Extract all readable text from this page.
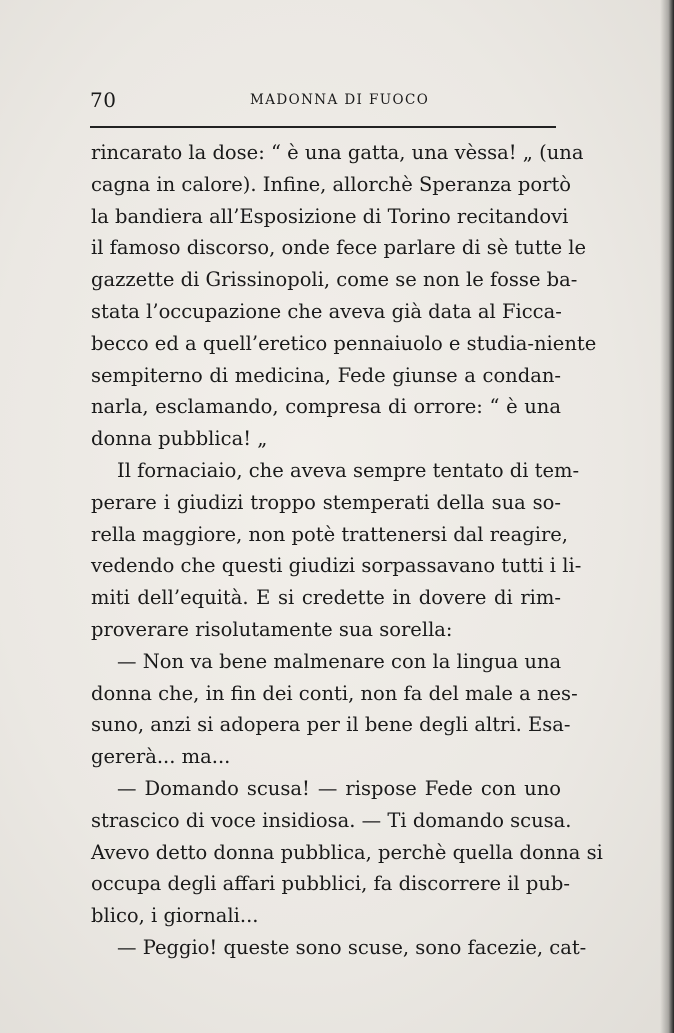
70	MADONNA DI FUOCO
rincarato la dose: “ è una gatta, una vèssa! „ (una
cagna in calore). Infine, allorchè Speranza portò
la bandiera all’Esposizione di Torino recitandovi
il famoso discorso, onde fece parlare di sè tutte le
gazzette di Grissinopoli, come se non le fosse ba-
stata l’occupazione che aveva già data al Ficca-
becco ed a quell’eretico pennaiuolo e studia-niente
sempiterno di medicina, Fede giunse a condan-
narla, esclamando, compresa di orrore: “ è una
donna pubblica! „
Il fornaciaio, che aveva sempre tentato di tem-
perare i giudizi troppo stemperati della sua so-
rella maggiore, non potè trattenersi dal reagire,
vedendo che questi giudizi sorpassavano tutti i li-
miti dell’equità. E si credette in dovere di rim-
proverare risolutamente sua sorella:
— Non va bene malmenare con la lingua una
donna che, in fin dei conti, non fa del male a nes-
suno, anzi si adopera per il bene degli altri. Esa-
gererà... ma...
— Domando scusa! — rispose Fede con uno
strascico di voce insidiosa. — Ti domando scusa.
Avevo detto donna pubblica, perchè quella donna si
occupa degli affari pubblici, fa discorrere il pub-
blico, i giornali...
— Peggio! queste sono scuse, sono facezie, cat-
